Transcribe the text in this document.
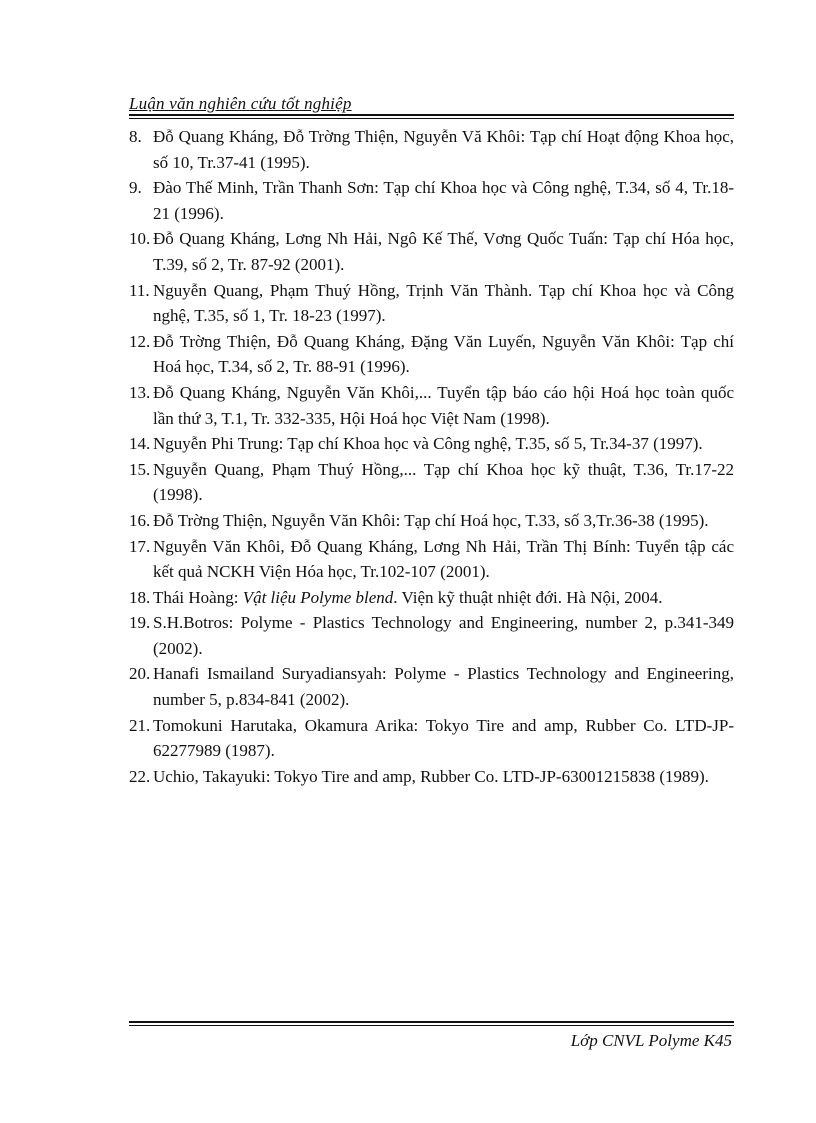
Luận văn nghiên cứu tốt nghiệp
8. Đỗ Quang Kháng, Đỗ Trờng Thiện, Nguyễn Vă Khôi: Tạp chí Hoạt động Khoa học, số 10, Tr.37-41 (1995).
9. Đào Thế Minh, Trần Thanh Sơn: Tạp chí Khoa học và Công nghệ, T.34, số 4, Tr.18-21 (1996).
10. Đỗ Quang Kháng, Lơng Nh Hải, Ngô Kế Thế, Vơng Quốc Tuấn: Tạp chí Hóa học, T.39, số 2, Tr. 87-92 (2001).
11. Nguyễn Quang, Phạm Thuý Hồng, Trịnh Văn Thành. Tạp chí Khoa học và Công nghệ, T.35, số 1, Tr. 18-23 (1997).
12. Đỗ Trờng Thiện, Đỗ Quang Kháng, Đặng Văn Luyến, Nguyễn Văn Khôi: Tạp chí Hoá học, T.34, số 2, Tr. 88-91 (1996).
13. Đỗ Quang Kháng, Nguyễn Văn Khôi,... Tuyển tập báo cáo hội Hoá học toàn quốc lần thứ 3, T.1, Tr. 332-335, Hội Hoá học Việt Nam (1998).
14. Nguyễn Phi Trung: Tạp chí Khoa học và Công nghệ, T.35, số 5, Tr.34-37 (1997).
15. Nguyễn Quang, Phạm Thuý Hồng,... Tạp chí Khoa học kỹ thuật, T.36, Tr.17-22 (1998).
16. Đỗ Trờng Thiện, Nguyễn Văn Khôi: Tạp chí Hoá học, T.33, số 3,Tr.36-38 (1995).
17. Nguyễn Văn Khôi, Đỗ Quang Kháng, Lơng Nh Hải, Trần Thị Bính: Tuyển tập các kết quả NCKH Viện Hóa học, Tr.102-107 (2001).
18. Thái Hoàng: Vật liệu Polyme blend. Viện kỹ thuật nhiệt đới. Hà Nội, 2004.
19. S.H.Botros: Polyme - Plastics Technology and Engineering, number 2, p.341-349 (2002).
20. Hanafi Ismailand Suryadiansyah: Polyme - Plastics Technology and Engineering, number 5, p.834-841 (2002).
21. Tomokuni Harutaka, Okamura Arika: Tokyo Tire and amp, Rubber Co. LTD-JP-62277989 (1987).
22. Uchio, Takayuki: Tokyo Tire and amp, Rubber Co. LTD-JP-63001215838 (1989).
Lớp CNVL Polyme K45
